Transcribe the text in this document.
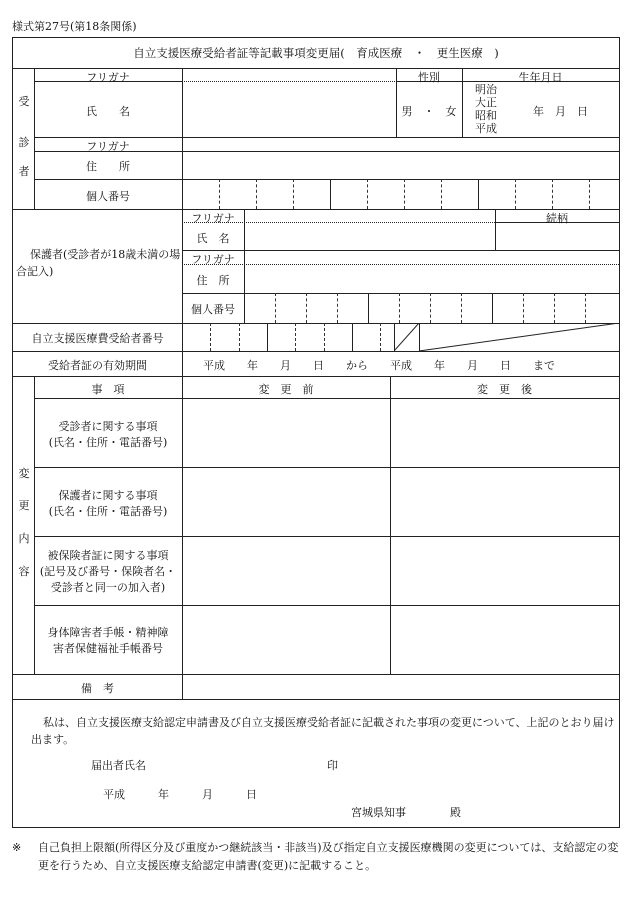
様式第27号(第18条関係)
自立支援医療受給者証等記載事項変更届(　育成医療　・　更生医療　)
受
診
者
フリガナ	性別	生年月日
氏　　名	男　・　女
明治
大正
昭和
平成
年　月　日
フリガナ
住　　所
個人番号
保護者(受診者が18歳未満の場合記入)
フリガナ	続柄
氏　名
フリガナ
住　所
個人番号
自立支援医療費受給者番号
受給者証の有効期間	平成　　年　　月　　日　　から　　平成　　年　　月　　日　　まで
変
更
内
容
事　項	変　更　前	変　更　後
受診者に関する事項
(氏名・住所・電話番号)
保護者に関する事項
(氏名・住所・電話番号)
被保険者証に関する事項
(記号及び番号・保険者名・
受診者と同一の加入者)
身体障害者手帳・精神障
害者保健福祉手帳番号
備　考
私は、自立支援医療支給認定申請書及び自立支援医療受給者証に記載された事項の変更について、上記のとおり届け出ます。
届出者氏名	印
平成　　　年　　　月　　　日
宮城県知事　　　　殿
※ 自己負担上限額(所得区分及び重度かつ継続該当・非該当)及び指定自立支援医療機関の変更については、支給認定の変更を行うため、自立支援医療支給認定申請書(変更)に記載すること。
